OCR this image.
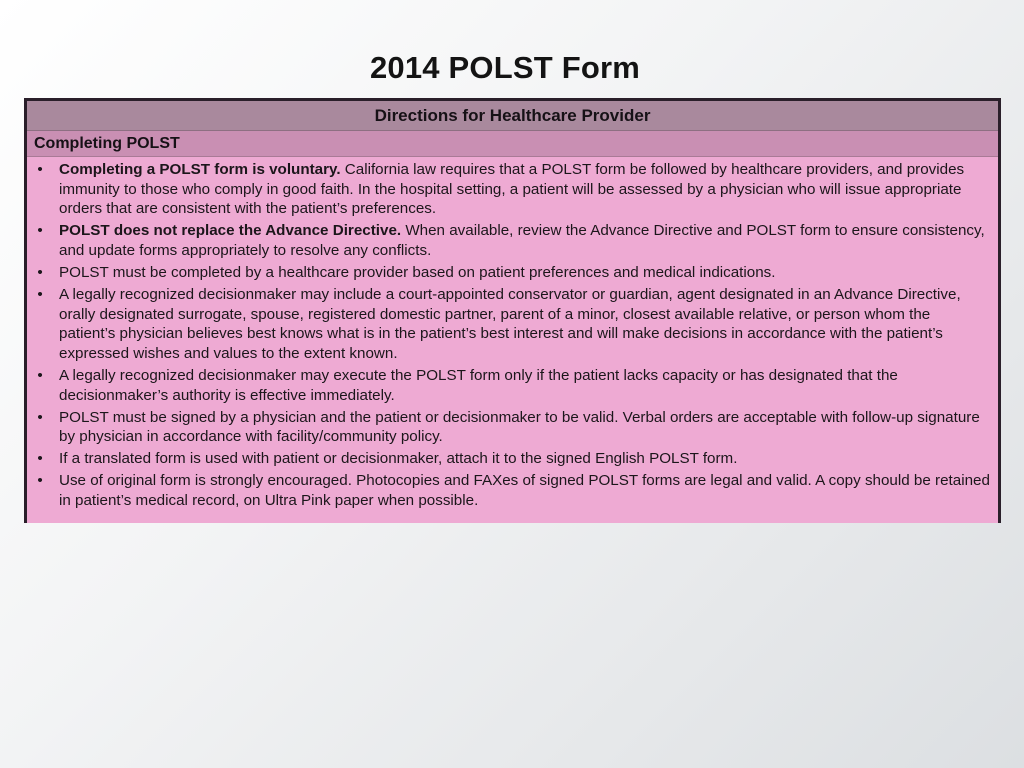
2014 POLST Form
Directions for Healthcare Provider
Completing POLST
• Completing a POLST form is voluntary. California law requires that a POLST form be followed by healthcare providers, and provides immunity to those who comply in good faith. In the hospital setting, a patient will be assessed by a physician who will issue appropriate orders that are consistent with the patient’s preferences.
• POLST does not replace the Advance Directive. When available, review the Advance Directive and POLST form to ensure consistency, and update forms appropriately to resolve any conflicts.
• POLST must be completed by a healthcare provider based on patient preferences and medical indications.
• A legally recognized decisionmaker may include a court-appointed conservator or guardian, agent designated in an Advance Directive, orally designated surrogate, spouse, registered domestic partner, parent of a minor, closest available relative, or person whom the patient’s physician believes best knows what is in the patient’s best interest and will make decisions in accordance with the patient’s expressed wishes and values to the extent known.
• A legally recognized decisionmaker may execute the POLST form only if the patient lacks capacity or has designated that the decisionmaker’s authority is effective immediately.
• POLST must be signed by a physician and the patient or decisionmaker to be valid. Verbal orders are acceptable with follow-up signature by physician in accordance with facility/community policy.
• If a translated form is used with patient or decisionmaker, attach it to the signed English POLST form.
• Use of original form is strongly encouraged. Photocopies and FAXes of signed POLST forms are legal and valid. A copy should be retained in patient’s medical record, on Ultra Pink paper when possible.
